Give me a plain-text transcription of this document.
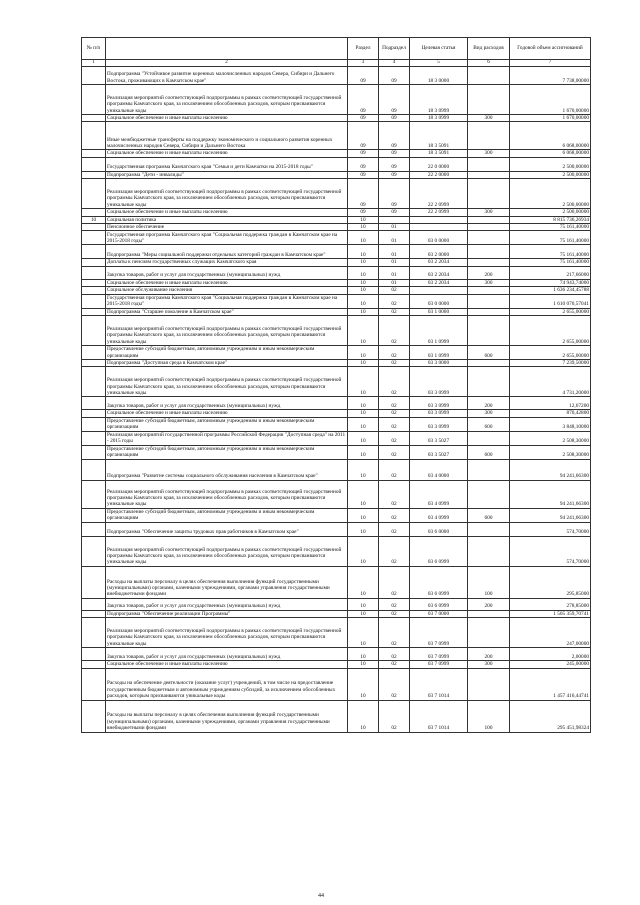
№ п/п		Раздел	Подраздел	Целевая статья	Вид расходов	Годовой объем ассигнований
1	2	3	4	5	6	7
	Подпрограмма "Устойчивое развитие коренных малочисленных народов Севера, Сибири и Дальнего Востока, проживающих в Камчатском крае"	09	09	18 3 0000		7 738,00000
	Реализация мероприятий соответствующей подпрограммы в рамках соответствующей государственной программы Камчатского края, за исключением обособленных расходов, которым присваиваются уникальные коды	09	09	18 3 0999		1 670,00000
	Социальное обеспечение и иные выплаты населению	09	09	18 3 0999	300	1 670,00000
	Иные межбюджетные трансферты на поддержку экономического и социального развития коренных малочисленных народов Севера, Сибири и Дальнего Востока	09	09	18 3 5091		6 068,00000
	Социальное обеспечение и иные выплаты населению	09	09	18 3 5091	300	6 068,00000
	Государственная программа Камчатского края "Семья и дети Камчатки на 2015-2018 годы"	09	09	22 0 0000		2 500,00000
	Подпрограмма "Дети - инвалиды"	09	09	22 2 0000		2 500,00000
	Реализация мероприятий соответствующей подпрограммы в рамках соответствующей государственной программы Камчатского края, за исключением обособленных расходов, которым присваиваются уникальные коды	09	09	22 2 0999		2 500,00000
	Социальное обеспечение и иные выплаты населению	09	09	22 2 0999	300	2 500,00000
10	Социальная политика	10				8 815 736,26934
	Пенсионное обеспечение	10	01			75 161,40000
	Государственная программа Камчатского края "Социальная поддержка граждан в Камчатском крае на 2015-2018 годы"	10	01	03 0 0000		75 161,40000
	Подпрограмма "Меры социальной поддержки отдельных категорий граждан в Камчатском крае"	10	01	03 2 0000		75 161,40000
	Доплаты к пенсиям государственных служащих Камчатского края	10	01	03 2 2034		75 161,40000
	Закупка товаров, работ и услуг для государственных (муниципальных) нужд	10	01	03 2 2034	200	217,66000
	Социальное обеспечение и иные выплаты населению	10	01	03 2 2034	300	74 943,74000
	Социальное обслуживание населения	10	02			1 636 234,45788
	Государственная программа Камчатского края "Социальная поддержка граждан в Камчатском крае на 2015-2018 годы"	10	02	03 0 0000		1 610 070,57041
	Подпрограмма "Старшее поколение в Камчатском крае"	10	02	03 1 0000		2 655,00000
	Реализация мероприятий соответствующей подпрограммы в рамках соответствующей государственной программы Камчатского края, за исключением обособленных расходов, которым присваиваются уникальные коды	10	02	03 1 0999		2 655,00000
	Предоставление субсидий бюджетным, автономным учреждениям и иным некоммерческим организациям	10	02	03 1 0999	600	2 655,00000
	Подпрограмма "Доступная среда в Камчатском крае"	10	02	03 3 0000		7 239,50000
	Реализация мероприятий соответствующей подпрограммы в рамках соответствующей государственной программы Камчатского края, за исключением обособленных расходов, которым присваиваются уникальные коды	10	02	03 3 0999		4 731,20000
	Закупка товаров, работ и услуг для государственных (муниципальных) нужд	10	02	03 3 0999	200	12,67200
	Социальное обеспечение и иные выплаты населению	10	02	03 3 0999	300	870,42800
	Предоставление субсидий бюджетным, автономным учреждениям и иным некоммерческим организациям	10	02	03 3 0999	600	3 848,10000
	Реализация мероприятий государственной программы Российской Федерации "Доступная среда" на 2011 - 2015 годы	10	02	03 3 5027		2 508,30000
	Предоставление субсидий бюджетным, автономным учреждениям и иным некоммерческим организациям	10	02	03 3 5027	600	2 508,30000
	Подпрограмма "Развитие системы социального обслуживания населения в Камчатском крае"	10	02	03 4 0000		94 241,66300
	Реализация мероприятий соответствующей подпрограммы в рамках соответствующей государственной программы Камчатского края, за исключением обособленных расходов, которым присваиваются уникальные коды	10	02	03 4 0999		94 241,66300
	Предоставление субсидий бюджетным, автономным учреждениям и иным некоммерческим организациям	10	02	03 4 0999	600	94 241,66300
	Подпрограмма "Обеспечение защиты трудовых прав работников в Камчатском крае"	10	02	03 6 0000		574,70000
	Реализация мероприятий соответствующей подпрограммы в рамках соответствующей государственной программы Камчатского края, за исключением обособленных расходов, которым присваиваются уникальные коды	10	02	03 6 0999		574,70000
	Расходы на выплаты персоналу в целях обеспечения выполнения функций государственными (муниципальными) органами, казенными учреждениями, органами управления государственными внебюджетными фондами	10	02	03 6 0999	100	295,85000
	Закупка товаров, работ и услуг для государственных (муниципальных) нужд	10	02	03 6 0999	200	278,85000
	Подпрограмма "Обеспечение реализации Программы"	10	02	03 7 0000		1 505 359,70741
	Реализация мероприятий соответствующей подпрограммы в рамках соответствующей государственной программы Камчатского края, за исключением обособленных расходов, которым присваиваются уникальные коды	10	02	03 7 0999		247,00000
	Закупка товаров, работ и услуг для государственных (муниципальных) нужд	10	02	03 7 0999	200	2,00000
	Социальное обеспечение и иные выплаты населению	10	02	03 7 0999	300	245,00000
	Расходы на обеспечение деятельности (оказание услуг) учреждений, в том числе на предоставление государственным бюджетным и автономным учреждениям субсидий, за исключением обособленных расходов, которым присваиваются уникальные коды	10	02	03 7 1014		1 457 416,44741
	Расходы на выплаты персоналу в целях обеспечения выполнения функций государственными (муниципальными) органами, казенными учреждениями, органами управления государственными внебюджетными фондами	10	02	03 7 1014	100	295 451,98324
44
